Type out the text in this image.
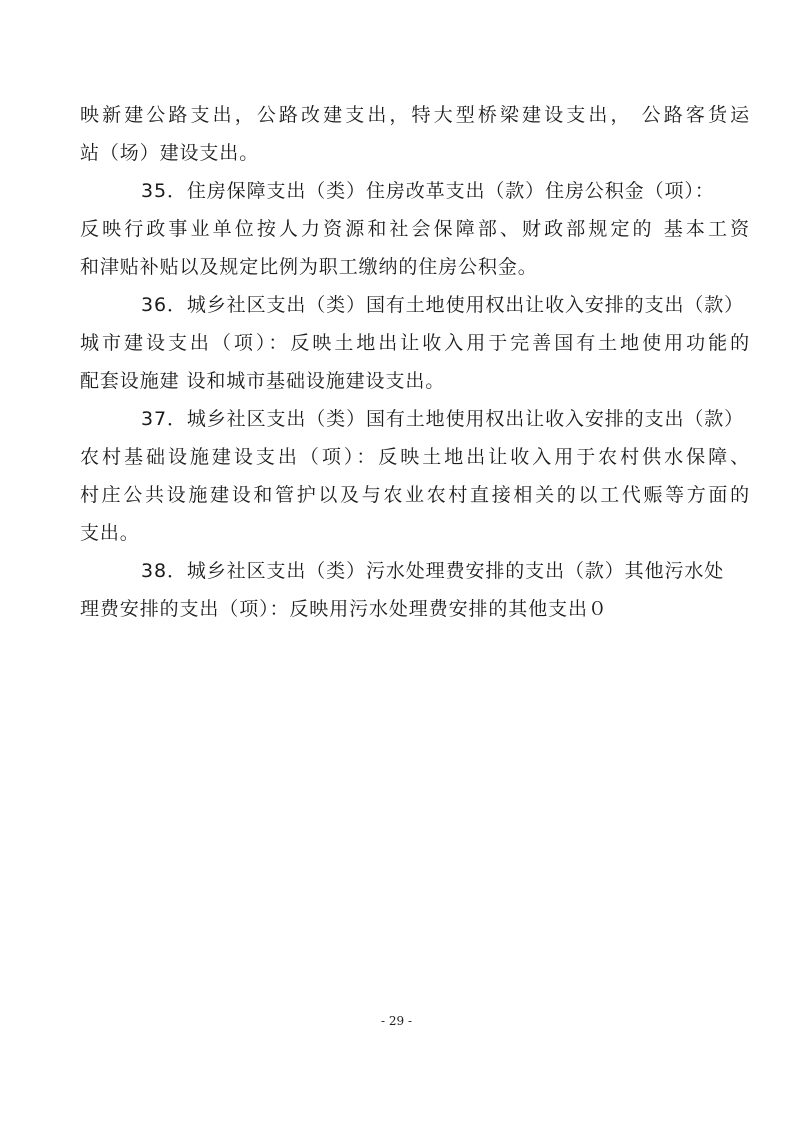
映新建公路支出，公路改建支出，特大型桥梁建设支出， 公路客货运
站（场）建设支出。
35．住房保障支出（类）住房改革支出（款）住房公积金（项）：
反映行政事业单位按人力资源和社会保障部、财政部规定的 基本工资
和津贴补贴以及规定比例为职工缴纳的住房公积金。
36．城乡社区支出（类）国有土地使用权出让收入安排的支出（款）
城市建设支出（项）：反映土地出让收入用于完善国有土地使用功能的
配套设施建 设和城市基础设施建设支出。
37．城乡社区支出（类）国有土地使用权出让收入安排的支出（款）
农村基础设施建设支出（项）：反映土地出让收入用于农村供水保障、
村庄公共设施建设和管护以及与农业农村直接相关的以工代赈等方面的
支出。
38．城乡社区支出（类）污水处理费安排的支出（款）其他污水处
理费安排的支出（项）：反映用污水处理费安排的其他支出０
- 29 -
